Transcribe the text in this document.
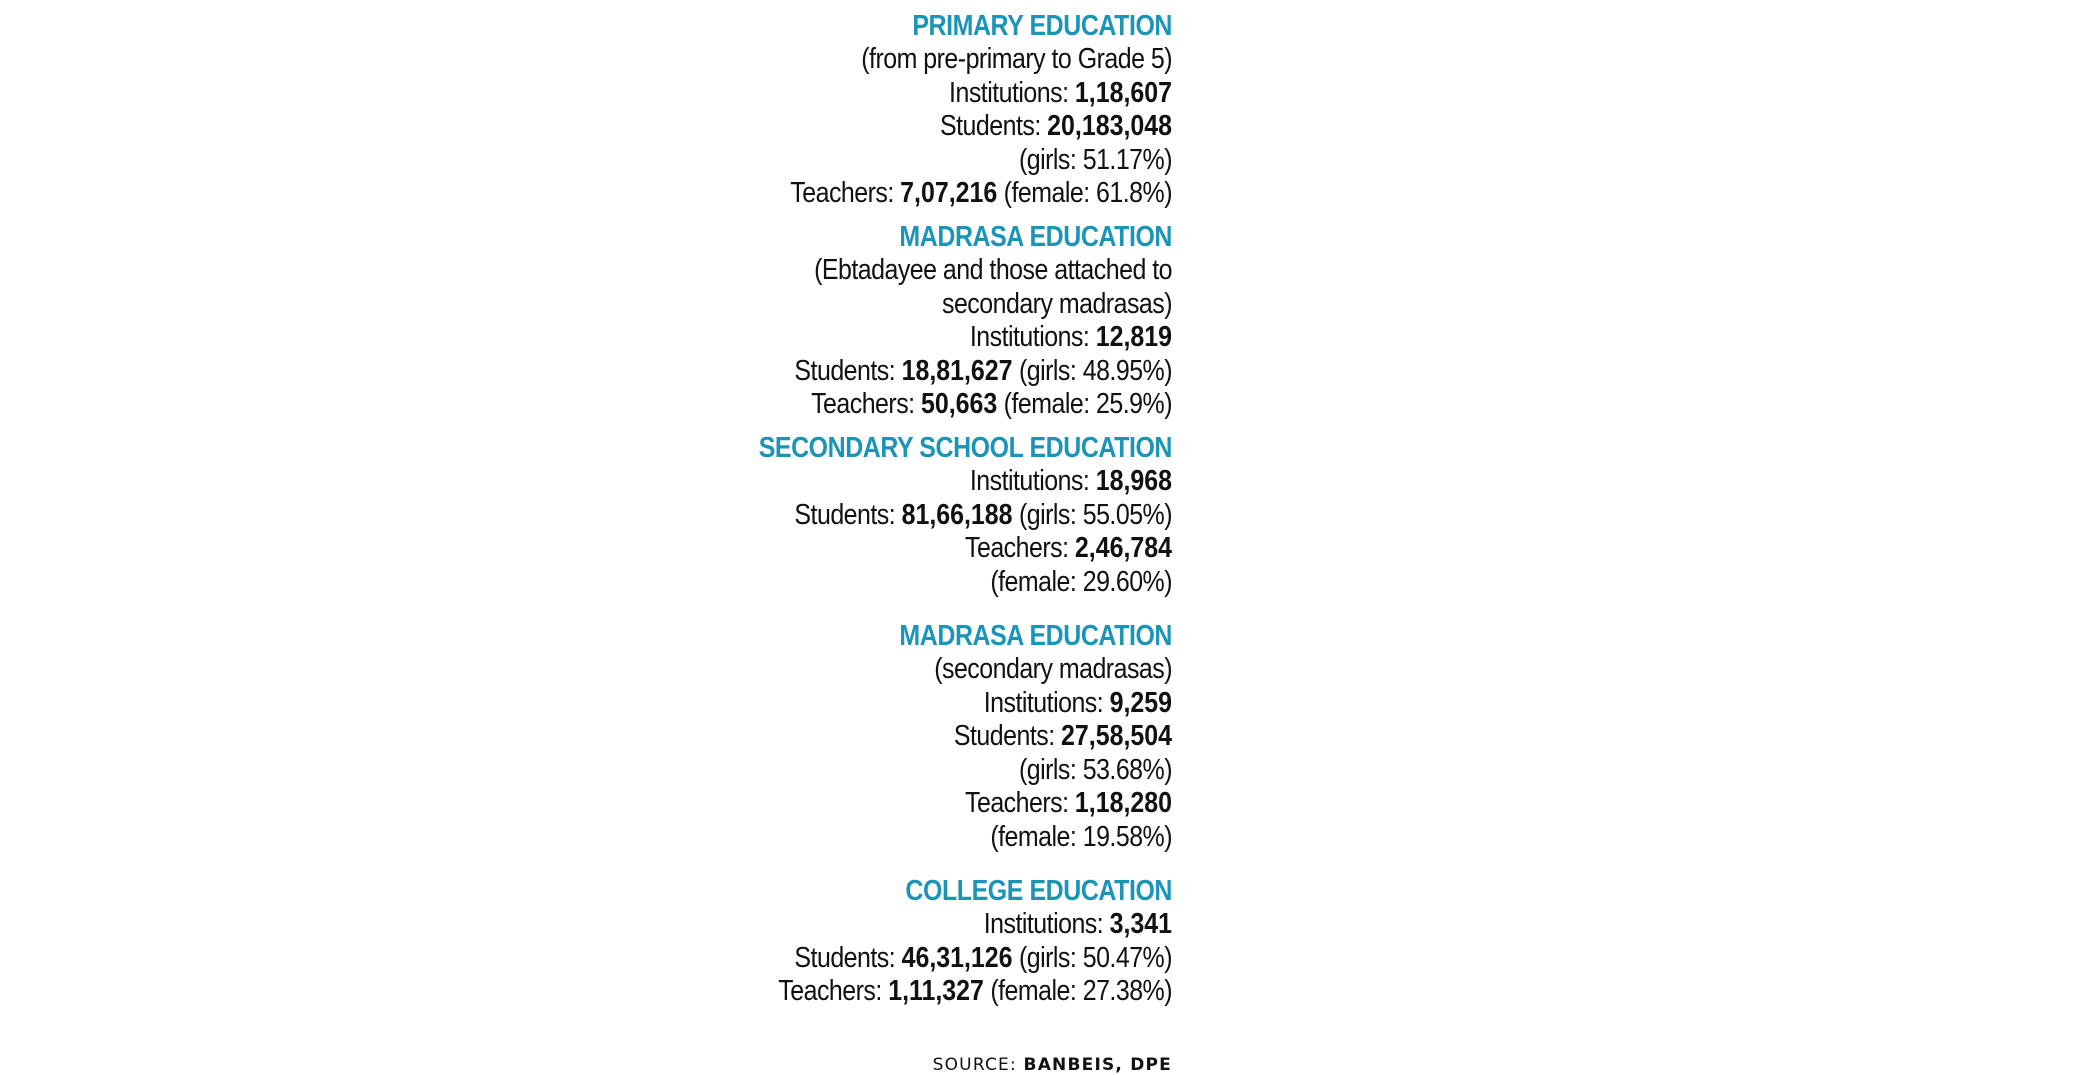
PRIMARY EDUCATION
(from pre-primary to Grade 5)
Institutions: 1,18,607
Students: 20,183,048
(girls: 51.17%)
Teachers: 7,07,216 (female: 61.8%)
MADRASA EDUCATION
(Ebtadayee and those attached to
secondary madrasas)
Institutions: 12,819
Students: 18,81,627 (girls: 48.95%)
Teachers: 50,663 (female: 25.9%)
SECONDARY SCHOOL EDUCATION
Institutions: 18,968
Students: 81,66,188 (girls: 55.05%)
Teachers: 2,46,784
(female: 29.60%)
MADRASA EDUCATION
(secondary madrasas)
Institutions: 9,259
Students: 27,58,504
(girls: 53.68%)
Teachers: 1,18,280
(female: 19.58%)
COLLEGE EDUCATION
Institutions: 3,341
Students: 46,31,126 (girls: 50.47%)
Teachers: 1,11,327 (female: 27.38%)
SOURCE: BANBEIS, DPE
